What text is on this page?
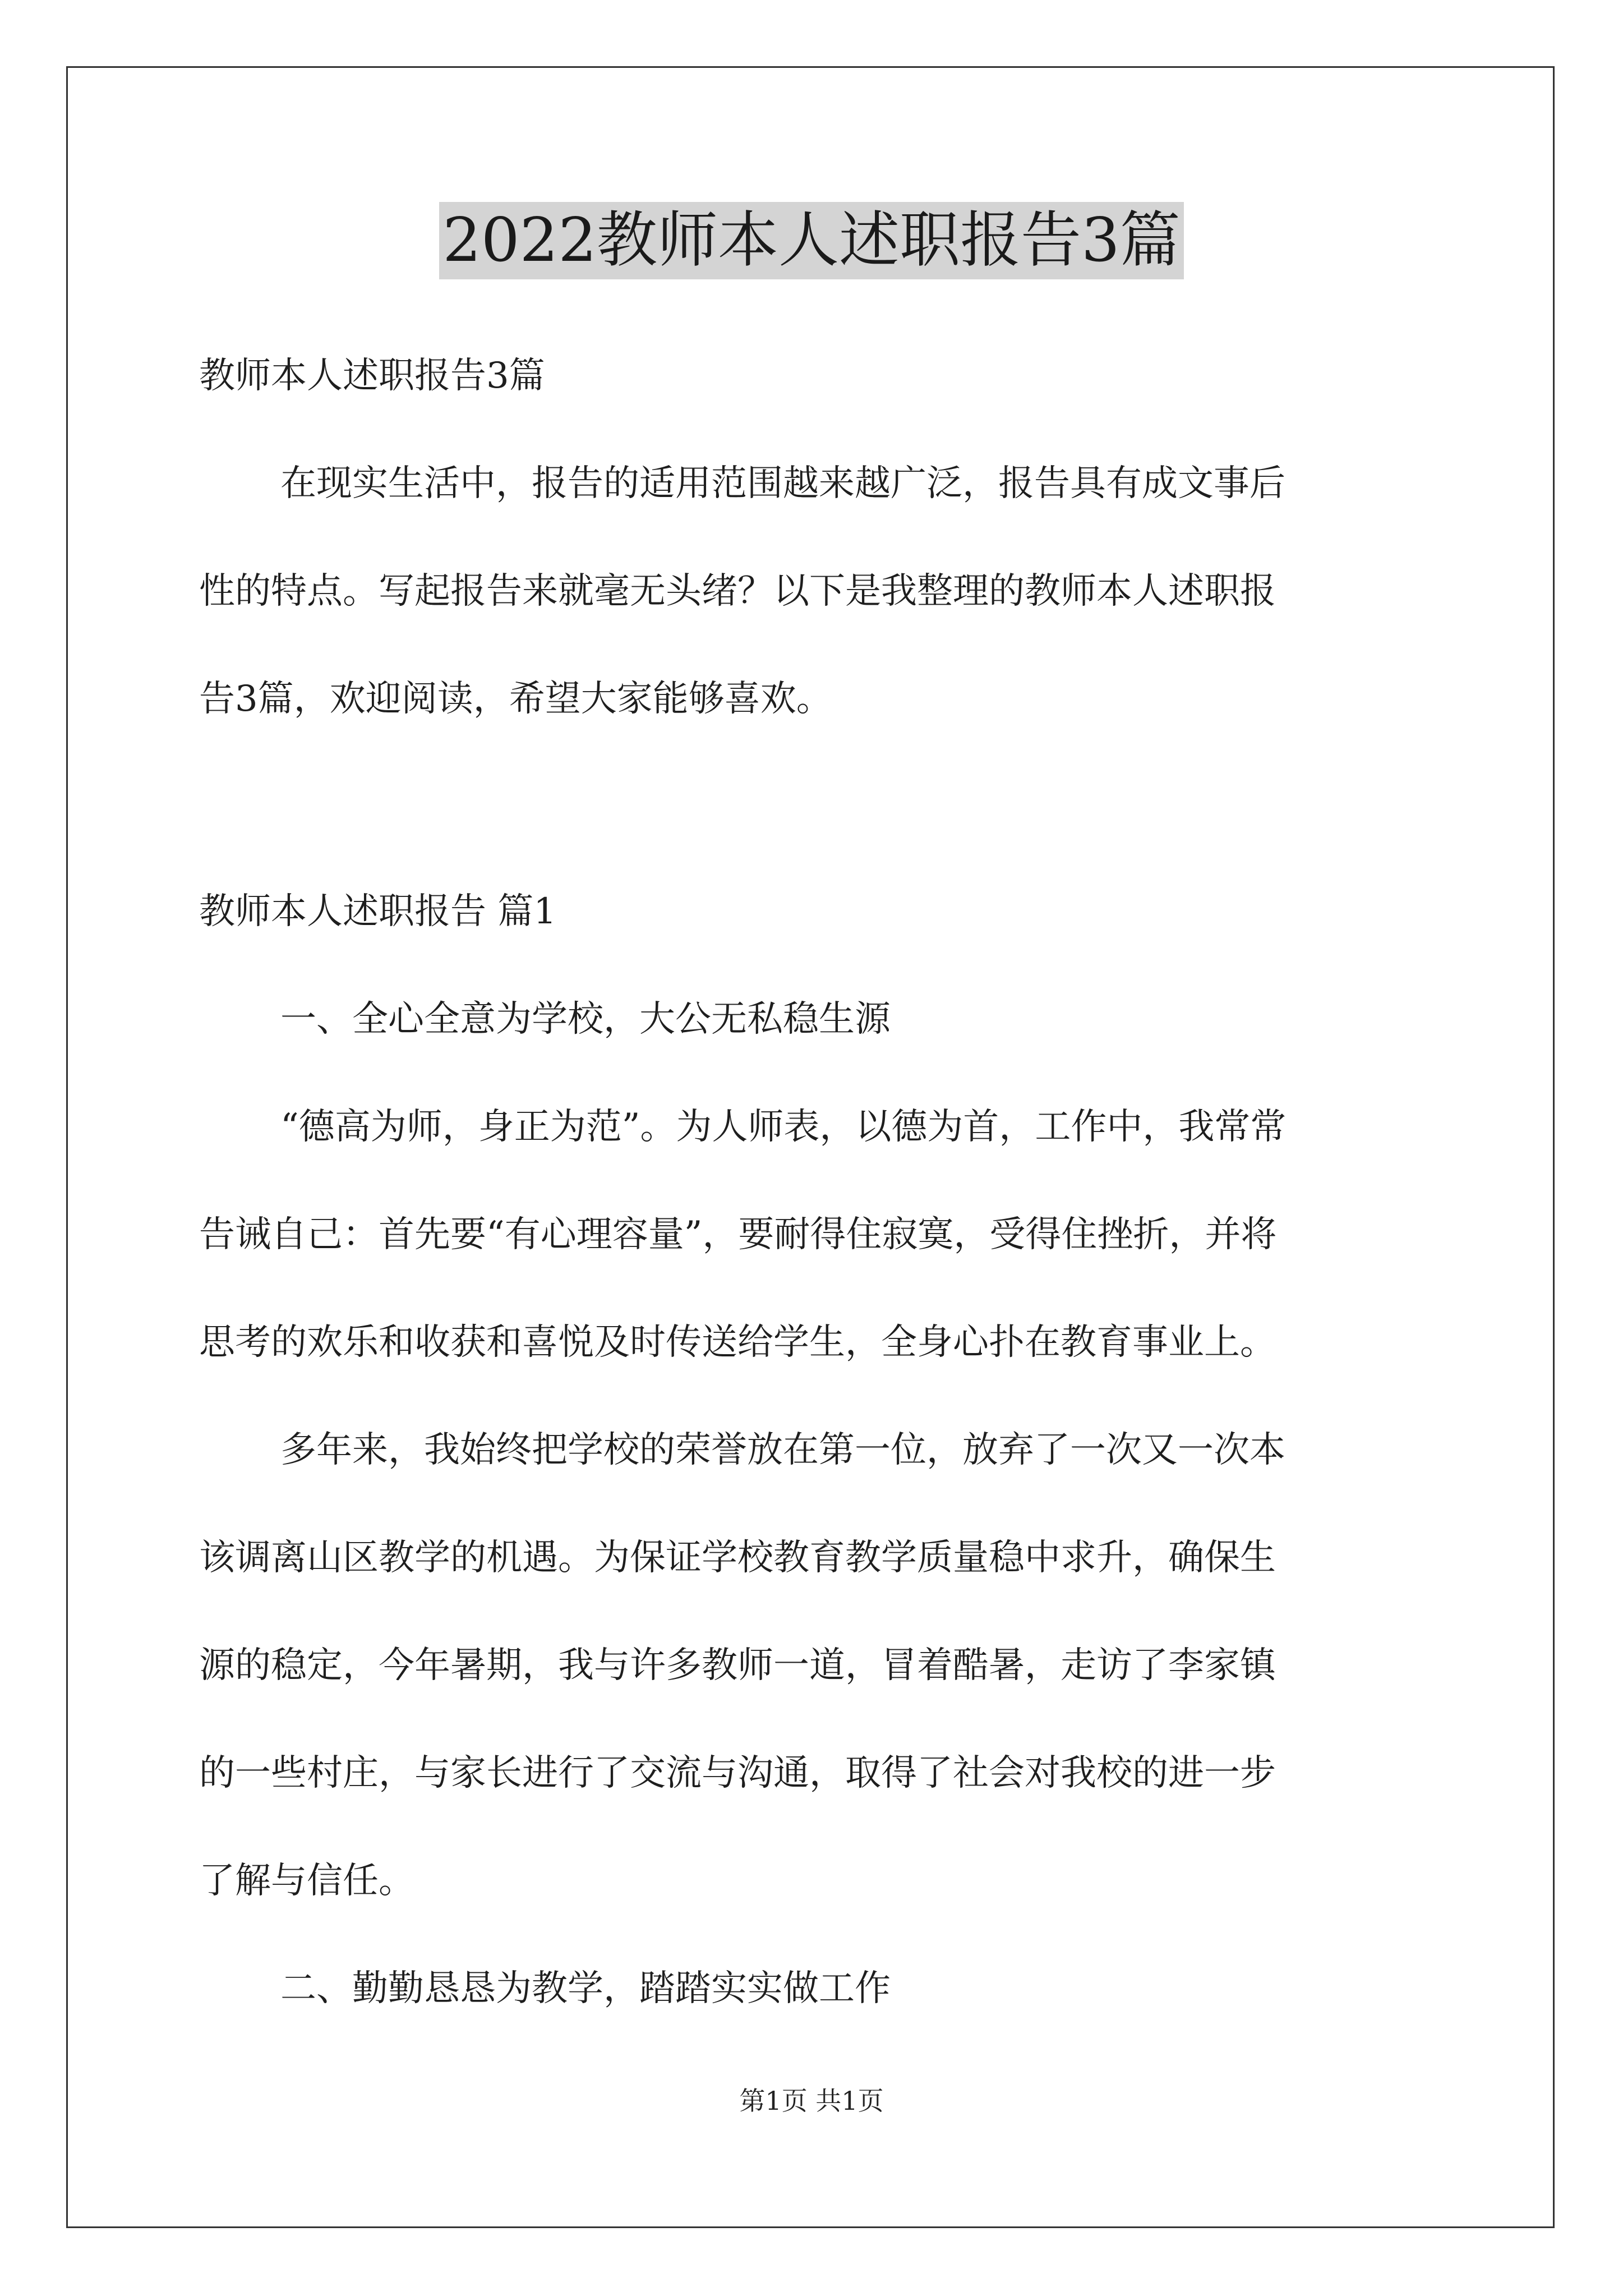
2022教师本人述职报告3篇
教师本人述职报告3篇
在现实生活中，报告的适用范围越来越广泛，报告具有成文事后
性的特点。写起报告来就毫无头绪？以下是我整理的教师本人述职报
告3篇，欢迎阅读，希望大家能够喜欢。
教师本人述职报告 篇1
一、全心全意为学校，大公无私稳生源
“德高为师，身正为范”。为人师表，以德为首，工作中，我常常
告诫自己：首先要“有心理容量”，要耐得住寂寞，受得住挫折，并将
思考的欢乐和收获和喜悦及时传送给学生，全身心扑在教育事业上。
多年来，我始终把学校的荣誉放在第一位，放弃了一次又一次本
该调离山区教学的机遇。为保证学校教育教学质量稳中求升，确保生
源的稳定，今年暑期，我与许多教师一道，冒着酷暑，走访了李家镇
的一些村庄，与家长进行了交流与沟通，取得了社会对我校的进一步
了解与信任。
二、勤勤恳恳为教学，踏踏实实做工作
第1页 共1页
